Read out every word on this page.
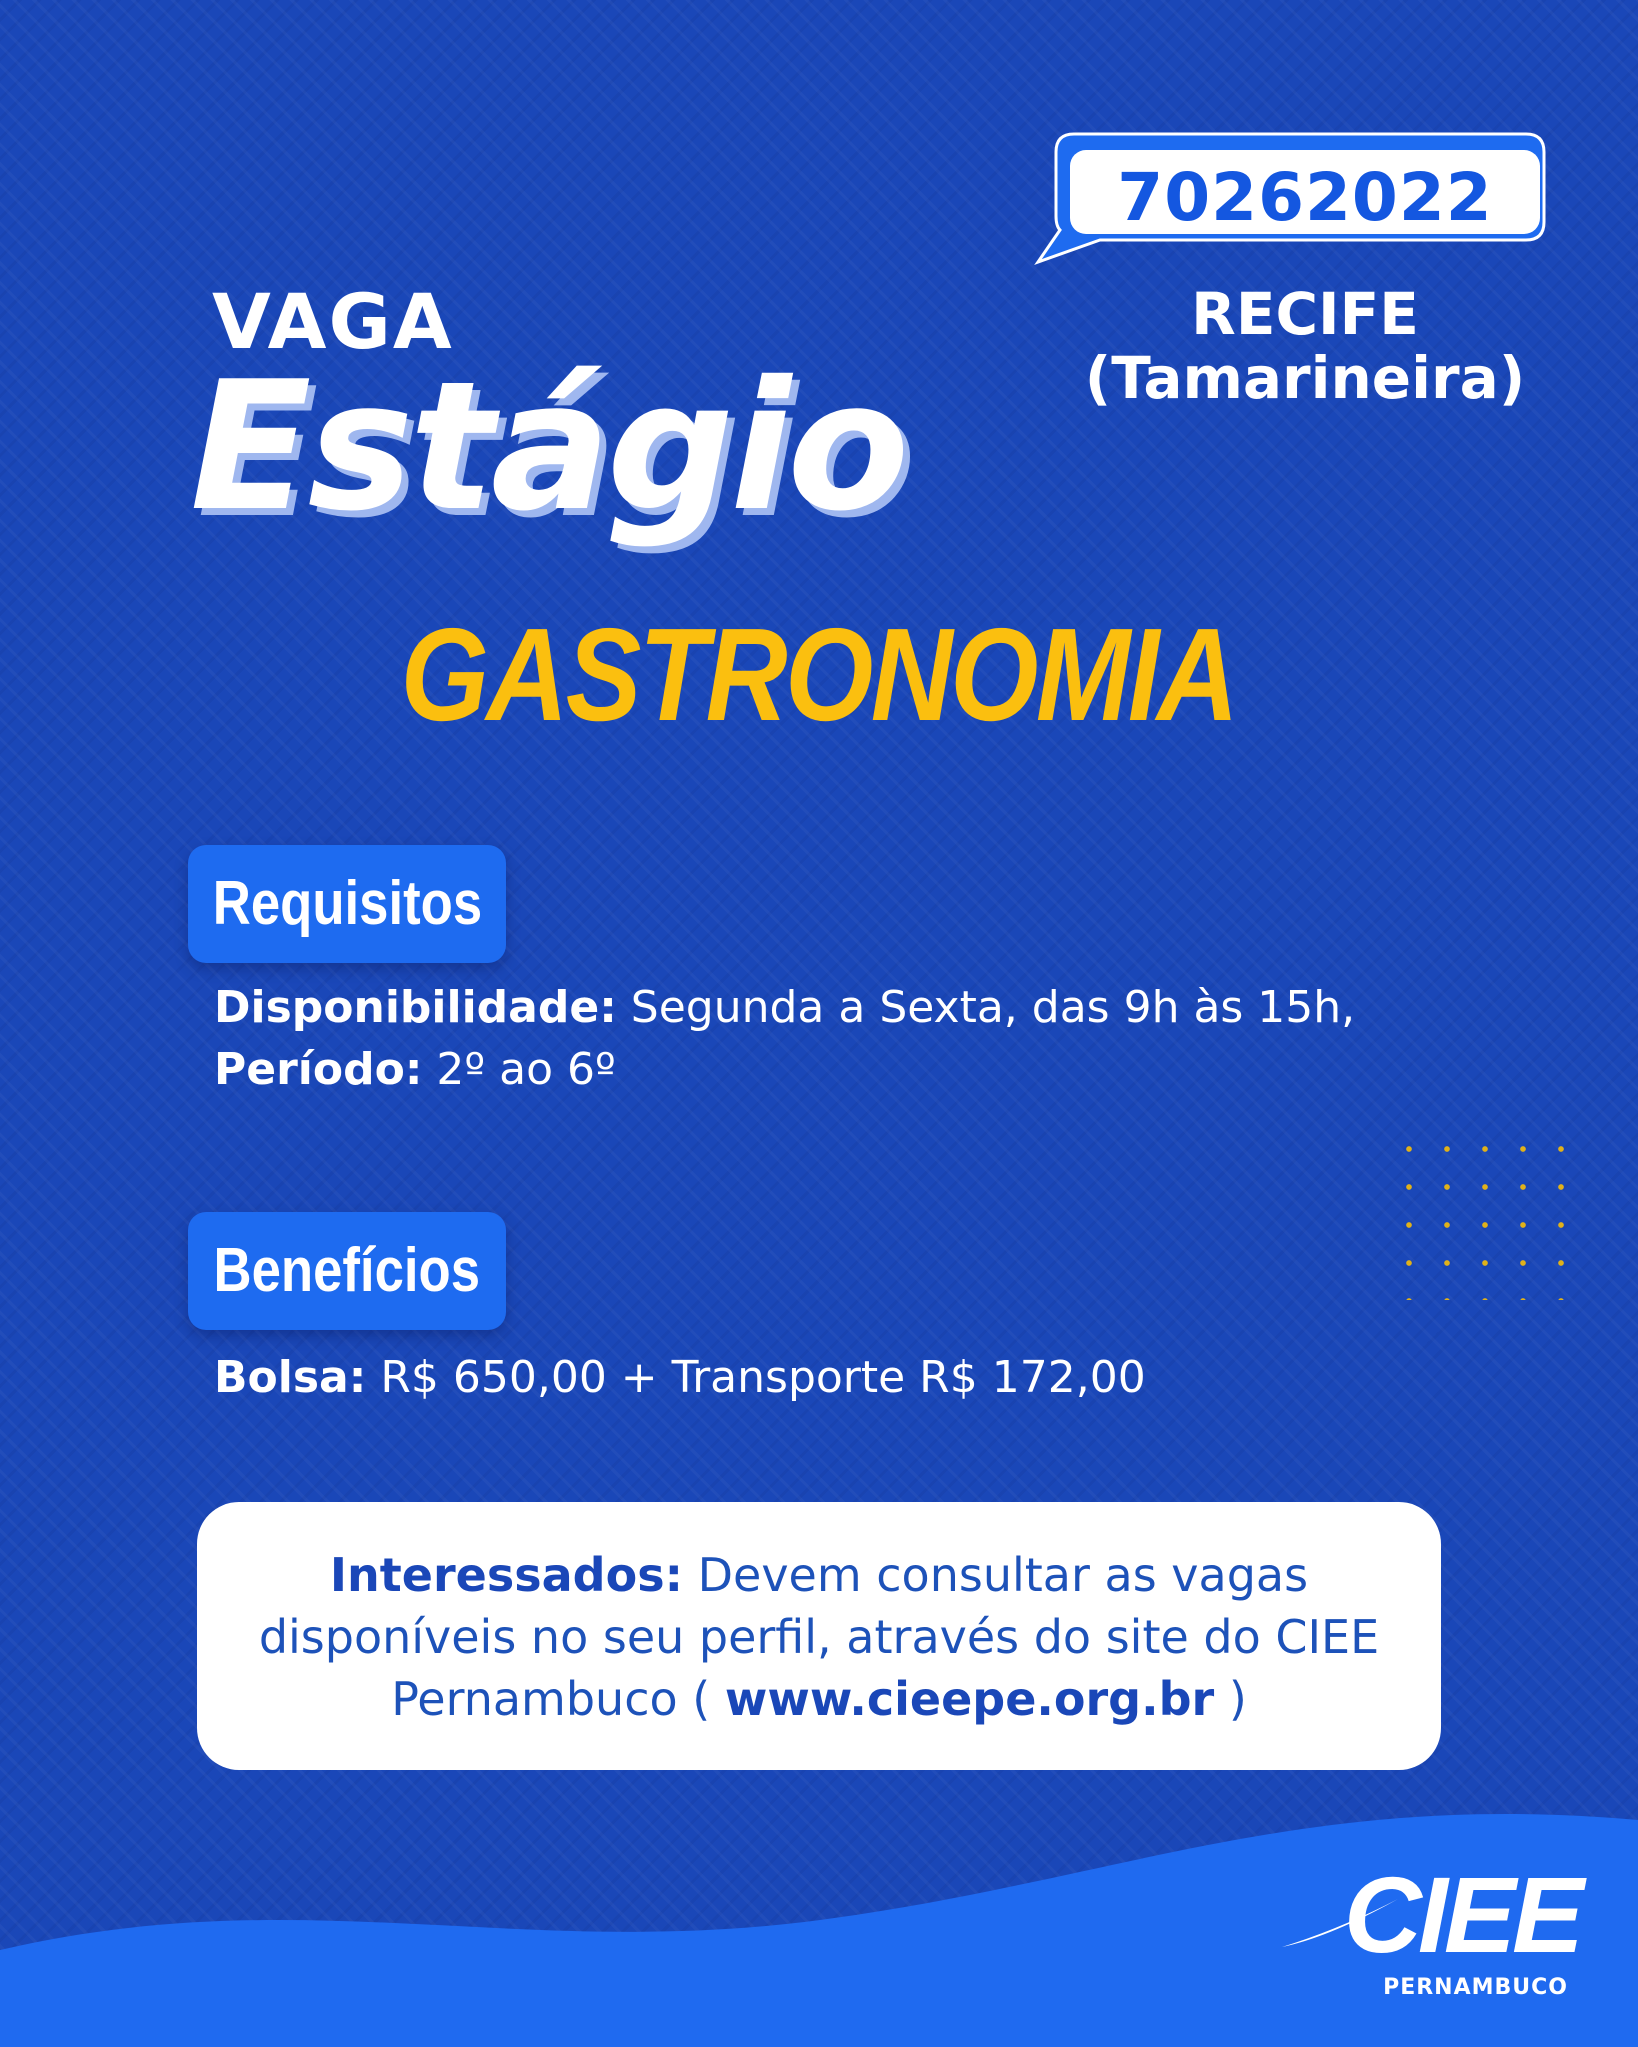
70262022
RECIFE
(Tamarineira)
VAGA
Estágio
GASTRONOMIA
Requisitos
Disponibilidade: Segunda a Sexta, das 9h às 15h,
Período: 2º ao 6º
Benefícios
Bolsa: R$ 650,00 + Transporte R$ 172,00
Interessados: Devem consultar as vagas disponíveis no seu perfil, através do site do CIEE Pernambuco ( www.cieepe.org.br )
CIEE
PERNAMBUCO
